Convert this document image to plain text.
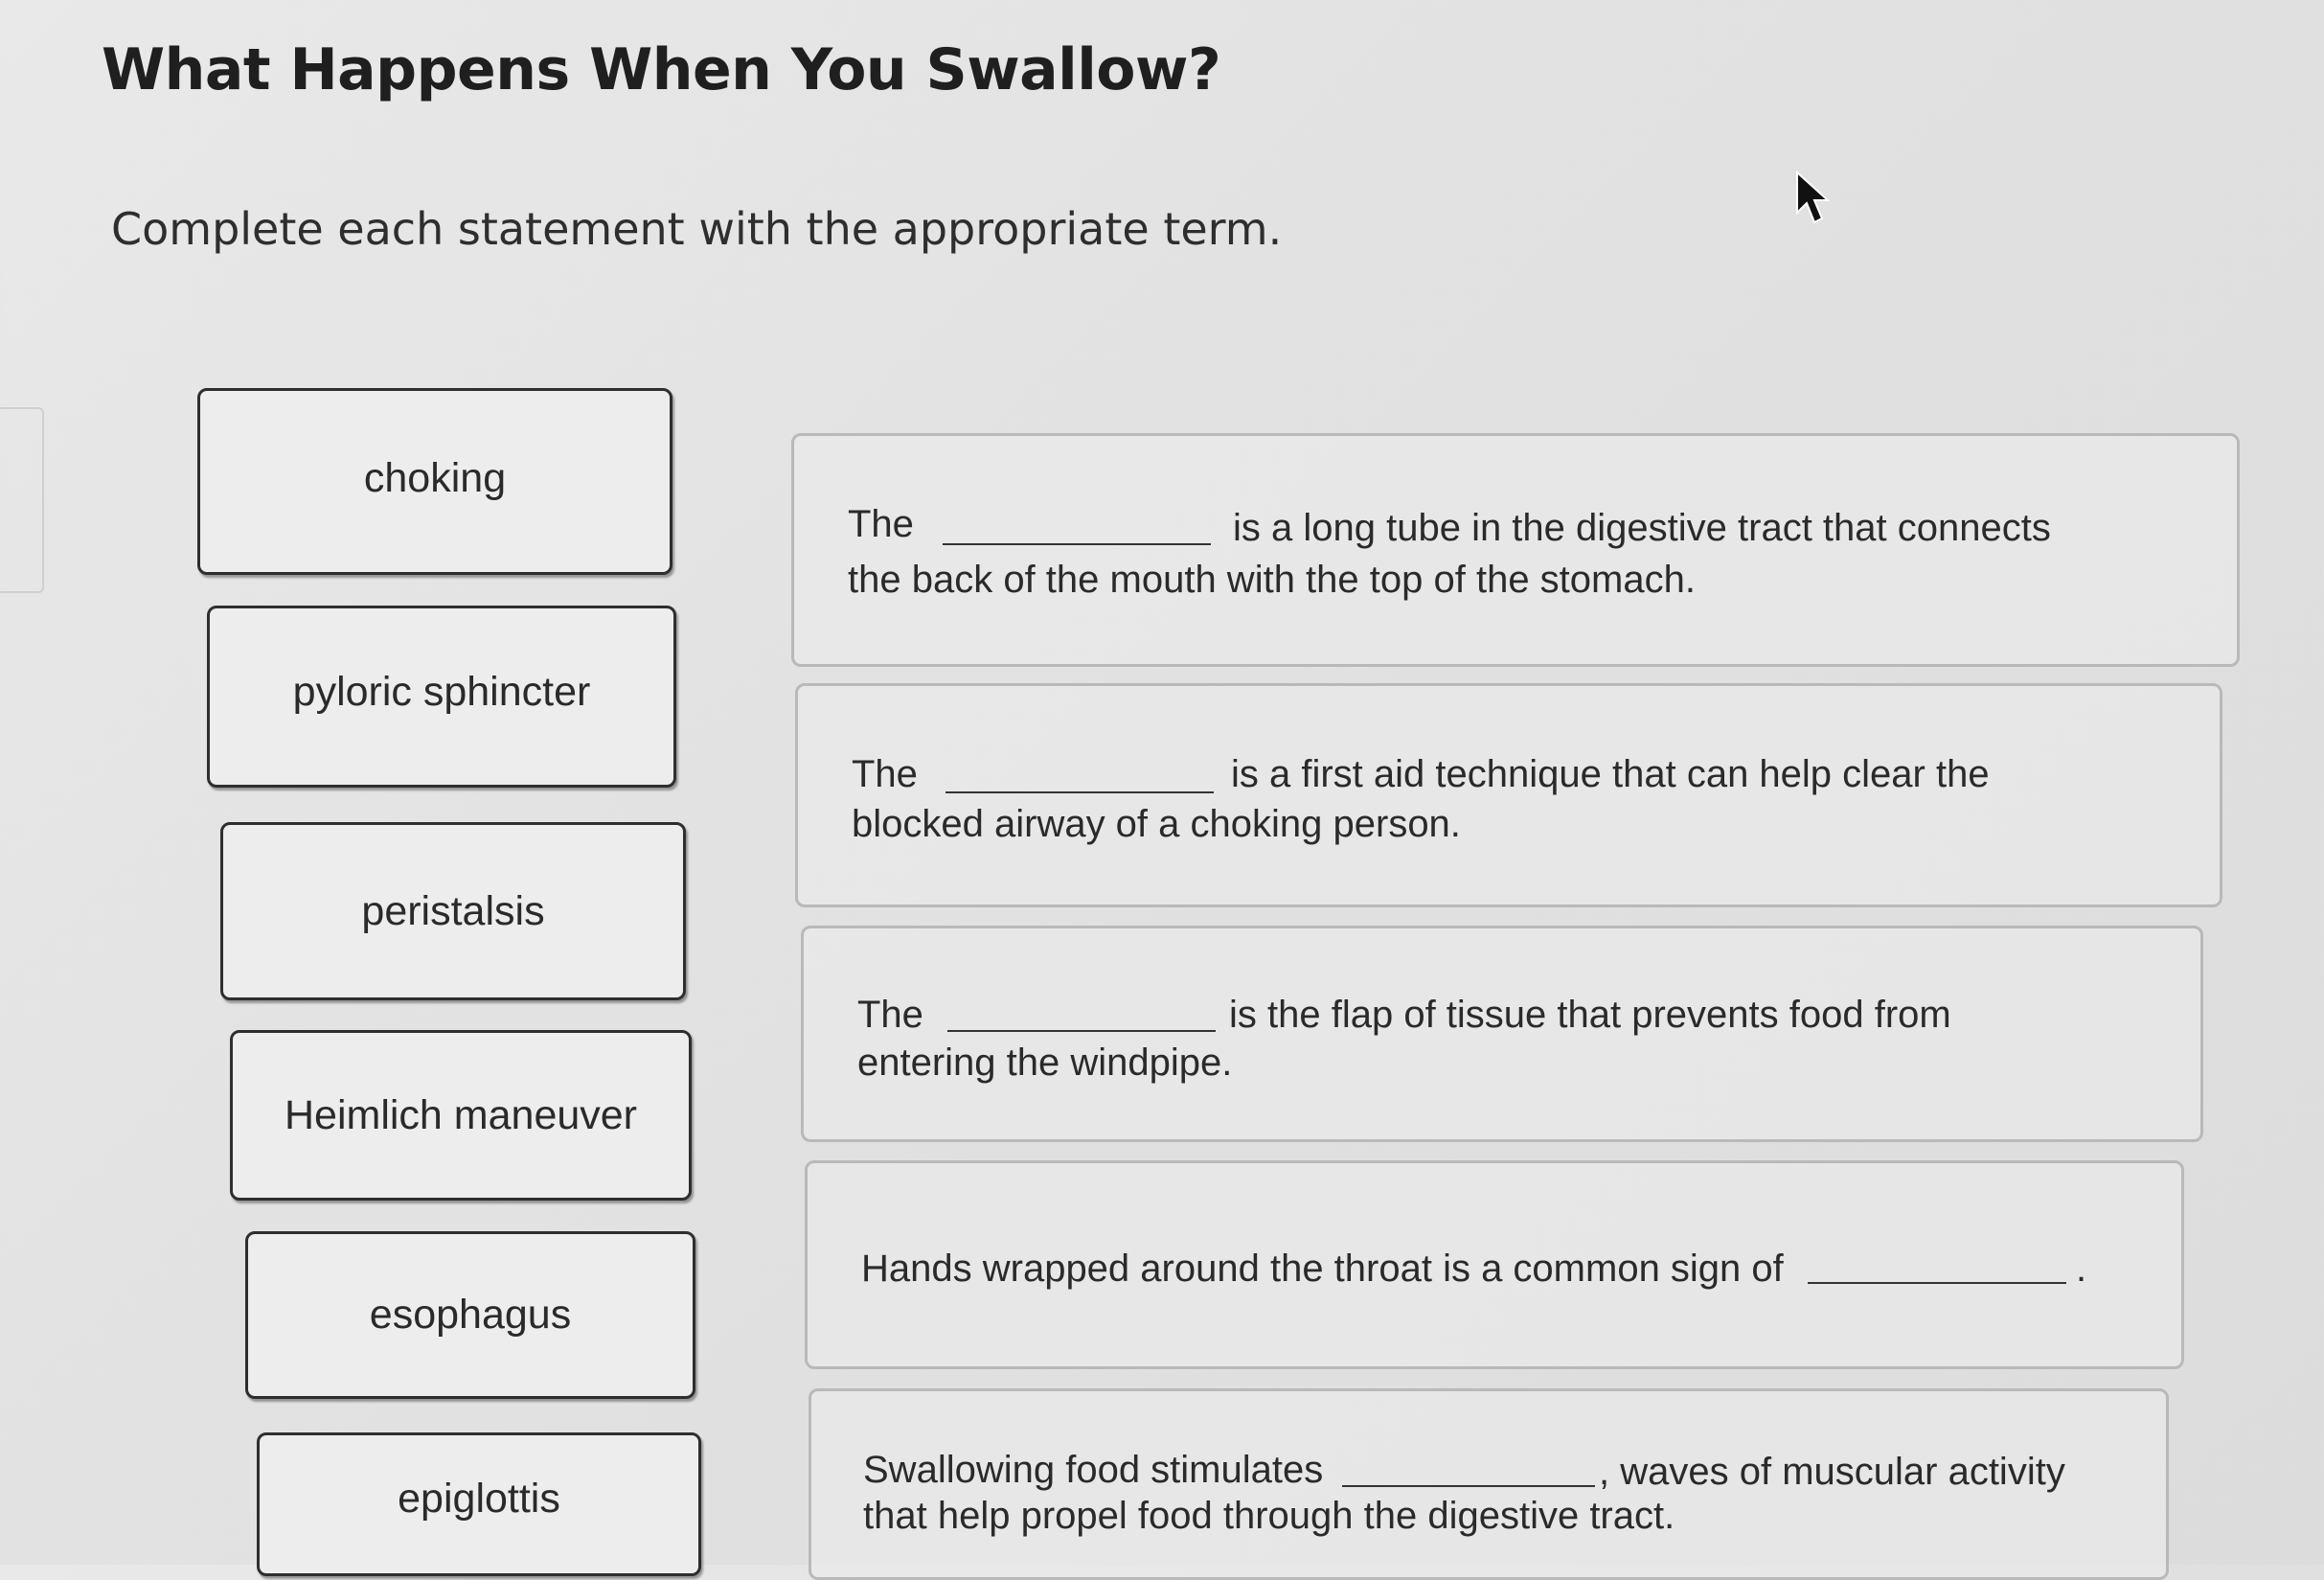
What Happens When You Swallow?
Complete each statement with the appropriate term.
choking
pyloric sphincter
peristalsis
Heimlich maneuver
esophagus
epiglottis
The	is a long tube in the digestive tract that connects
the back of the mouth with the top of the stomach.
The	is a first aid technique that can help clear the
blocked airway of a choking person.
The	is the flap of tissue that prevents food from
entering the windpipe.
Hands wrapped around the throat is a common sign of	.
Swallowing food stimulates	, waves of muscular activity
that help propel food through the digestive tract.
